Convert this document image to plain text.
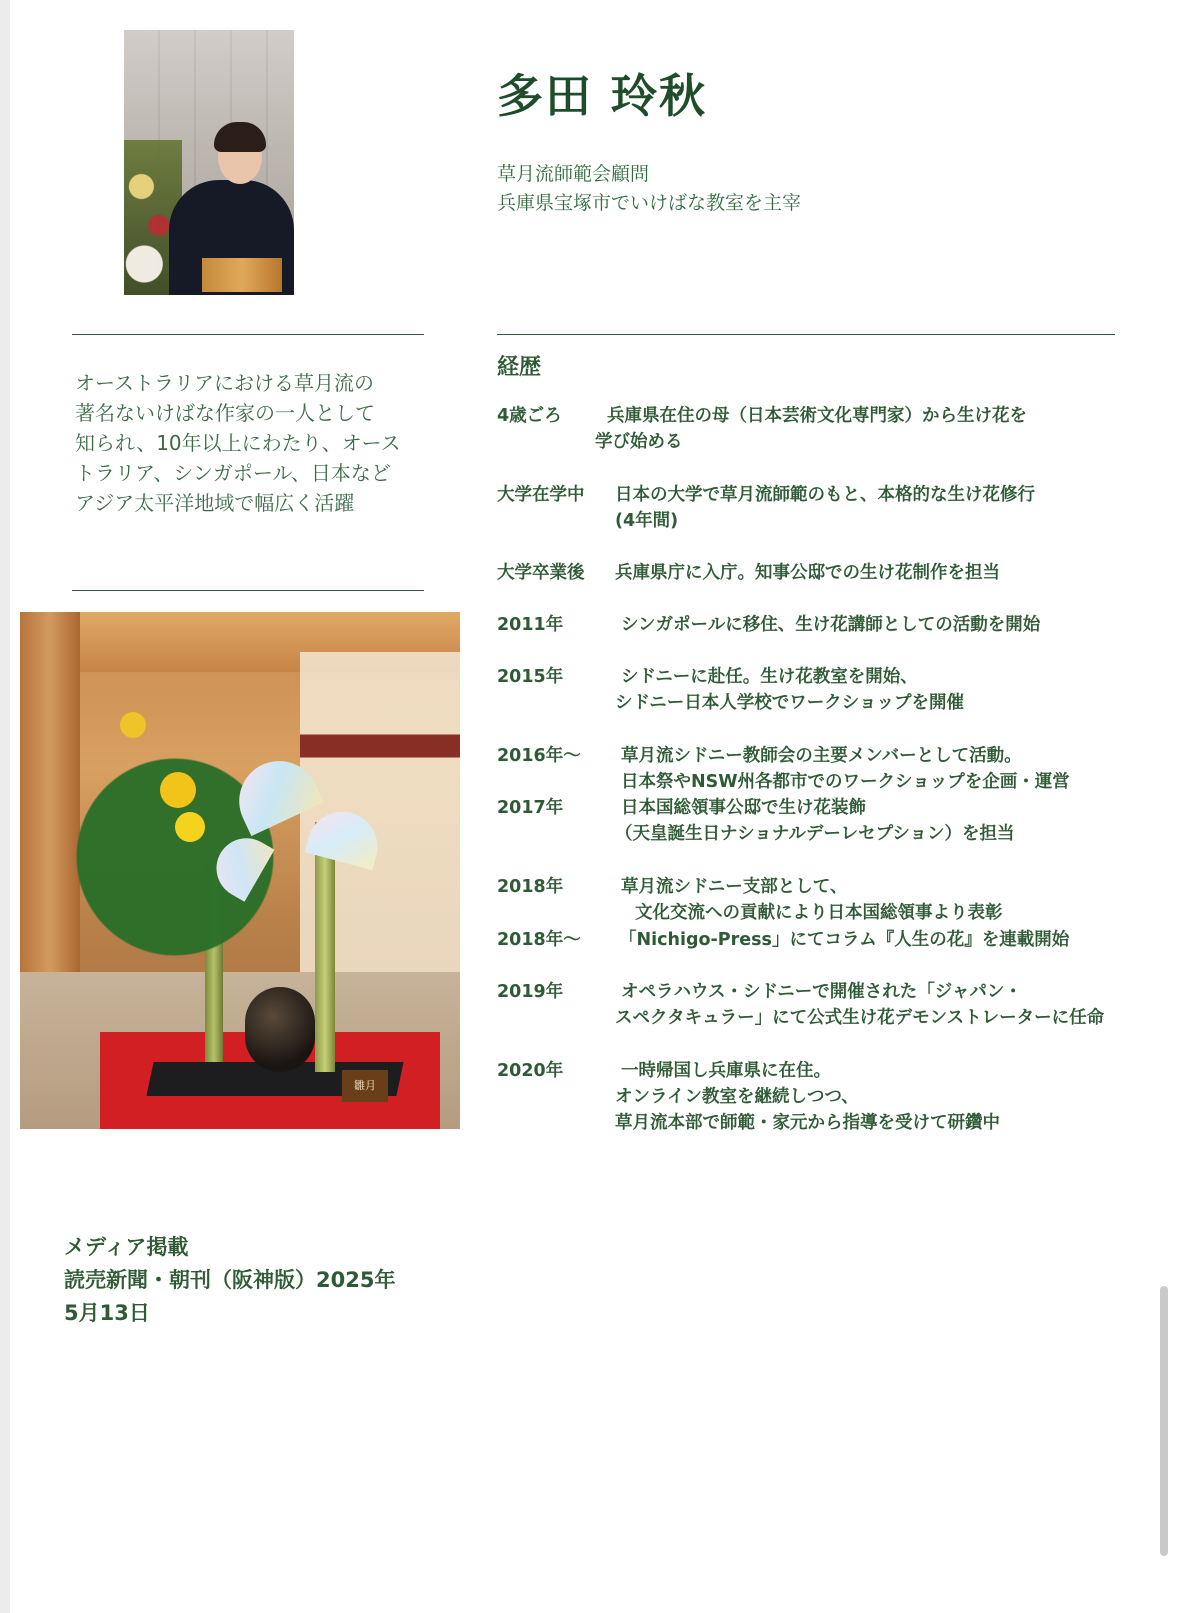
多田 玲秋
草月流師範会顧問
兵庫県宝塚市でいけばな教室を主宰
オーストラリアにおける草月流の
著名ないけばな作家の一人として
知られ、10年以上にわたり、オース
トラリア、シンガポール、日本など
アジア太平洋地域で幅広く活躍
雛月
経歴
4歳ごろ	兵庫県在住の母（日本芸術文化専門家）から生け花を
学び始める
大学在学中 日本の大学で草月流師範のもと、本格的な生け花修行
(4年間)
大学卒業後 兵庫県庁に入庁。知事公邸での生け花制作を担当
2011年	シンガポールに移住、生け花講師としての活動を開始
2015年	シドニーに赴任。生け花教室を開始、
シドニー日本人学校でワークショップを開催
2016年〜 草月流シドニー教師会の主要メンバーとして活動。
日本祭やNSW州各都市でのワークショップを企画・運営
2017年	日本国総領事公邸で生け花装飾
（天皇誕生日ナショナルデーレセプション）を担当
2018年	草月流シドニー支部として、
文化交流への貢献により日本国総領事より表彰
2018年〜 「Nichigo-Press」にてコラム『人生の花』を連載開始
2019年	オペラハウス・シドニーで開催された「ジャパン・
スペクタキュラー」にて公式生け花デモンストレーターに任命
2020年	一時帰国し兵庫県に在住。
オンライン教室を継続しつつ、
草月流本部で師範・家元から指導を受けて研鑽中
メディア掲載
読売新聞・朝刊（阪神版）2025年
5月13日
